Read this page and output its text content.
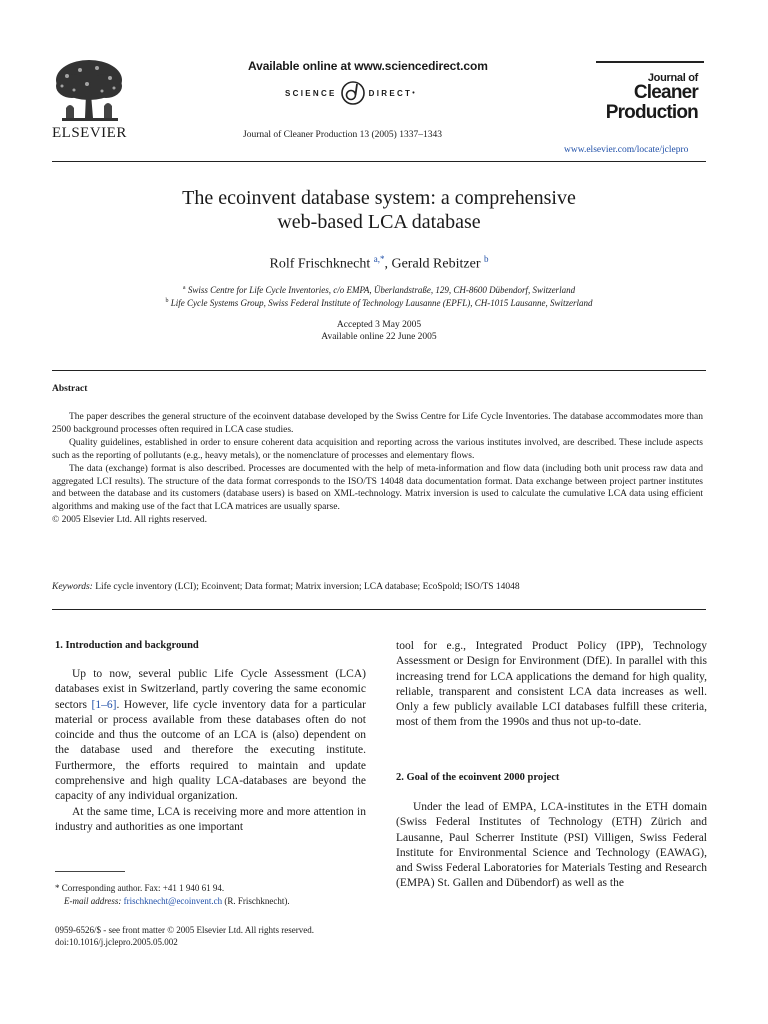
ELSEVIER
Available online at www.sciencedirect.com
SCIENCE	DIRECT •
Journal of Cleaner Production 13 (2005) 1337–1343
Journal of
Cleaner
Production
www.elsevier.com/locate/jclepro
The ecoinvent database system: a comprehensive
web-based LCA database
Rolf Frischknecht $^{a,*}$, Gerald Rebitzer $^b$
$^a$ Swiss Centre for Life Cycle Inventories, c/o EMPA, Überlandstraße, 129, CH-8600 Dübendorf, Switzerland
$^b$ Life Cycle Systems Group, Swiss Federal Institute of Technology Lausanne (EPFL), CH-1015 Lausanne, Switzerland
Accepted 3 May 2005
Available online 22 June 2005
Abstract

The paper describes the general structure of the ecoinvent database developed by the Swiss Centre for Life Cycle Inventories. The database accommodates more than 2500 background processes often required in LCA case studies.

Quality guidelines, established in order to ensure coherent data acquisition and reporting across the various institutes involved, are described. These include aspects such as the reporting of pollutants (e.g., heavy metals), or the nomenclature of processes and elementary flows.

The data (exchange) format is also described. Processes are documented with the help of meta-information and flow data (including both unit process raw data and aggregated LCI results). The structure of the data format corresponds to the ISO/TS 14048 data documentation format. Data exchange between project partner institutes and between the database and its customers (database users) is based on XML-technology. Matrix inversion is used to calculate the cumulative LCA data using efficient algorithms and making use of the fact that LCA matrices are usually sparse.

© 2005 Elsevier Ltd. All rights reserved.

Keywords: Life cycle inventory (LCI); Ecoinvent; Data format; Matrix inversion; LCA database; EcoSpold; ISO/TS 14048
1. Introduction and background

Up to now, several public Life Cycle Assessment (LCA) databases exist in Switzerland, partly covering the same economic sectors [1–6]. However, life cycle inventory data for a particular material or process available from these databases often do not coincide and thus the outcome of an LCA is (also) dependent on the database used and therefore the executing institute. Furthermore, the efforts required to maintain and update comprehensive and high quality LCA-databases are beyond the capacity of any individual organization.

At the same time, LCA is receiving more and more attention in industry and authorities as one important

* Corresponding author. Fax: +41 1 940 61 94.
E-mail address: frischknecht@ecoinvent.ch (R. Frischknecht).
0959-6526/$ - see front matter © 2005 Elsevier Ltd. All rights reserved.
doi:10.1016/j.jclepro.2005.05.002

tool for e.g., Integrated Product Policy (IPP), Technology Assessment or Design for Environment (DfE). In parallel with this increasing trend for LCA applications the demand for high quality, reliable, transparent and consistent LCA data increases as well. Only a few publicly available LCI databases fulfill these criteria, most of them from the 1990s and thus not up-to-date.

2. Goal of the ecoinvent 2000 project

Under the lead of EMPA, LCA-institutes in the ETH domain (Swiss Federal Institutes of Technology (ETH) Zürich and Lausanne, Paul Scherrer Institute (PSI) Villigen, Swiss Federal Institute for Environmental Science and Technology (EAWAG), and Swiss Federal Laboratories for Materials Testing and Research (EMPA) St. Gallen and Dübendorf) as well as the
